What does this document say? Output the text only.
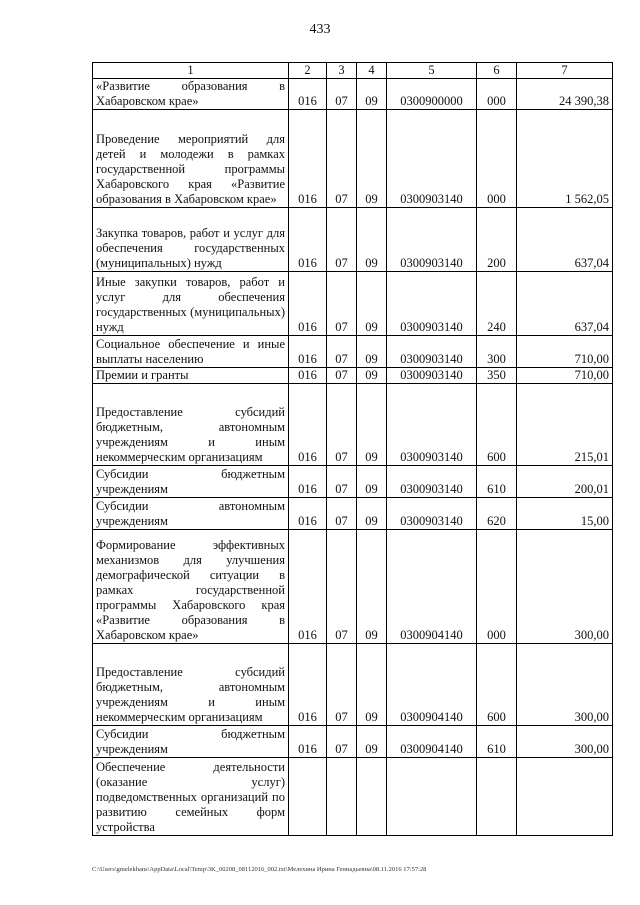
433
1	2	3	4	5	6	7
«Развитие образования в Хабаровском крае»	016	07	09	0300900000	000	24 390,38
Проведение мероприятий для детей и молодежи в рамках государственной программы Хабаровского края «Развитие образования в Хабаровском крае»	016	07	09	0300903140	000	1 562,05
Закупка товаров, работ и услуг для обеспечения государственных (муниципальных) нужд	016	07	09	0300903140	200	637,04
Иные закупки товаров, работ и услуг для обеспечения государственных (муниципальных) нужд	016	07	09	0300903140	240	637,04
Социальное обеспечение и иные выплаты населению	016	07	09	0300903140	300	710,00
Премии и гранты	016	07	09	0300903140	350	710,00
Предоставление субсидий бюджетным, автономным учреждениям и иным некоммерческим организациям	016	07	09	0300903140	600	215,01
Субсидии бюджетным учреждениям	016	07	09	0300903140	610	200,01
Субсидии автономным учреждениям	016	07	09	0300903140	620	15,00
Формирование эффективных механизмов для улучшения демографической ситуации в рамках государственной программы Хабаровского края «Развитие образования в Хабаровском крае»	016	07	09	0300904140	000	300,00
Предоставление субсидий бюджетным, автономным учреждениям и иным некоммерческим организациям	016	07	09	0300904140	600	300,00
Субсидии бюджетным учреждениям	016	07	09	0300904140	610	300,00
Обеспечение деятельности (оказание услуг) подведомственных организаций по развитию семейных форм устройства						
C:\Users\gmelekhans\AppData\Local\Temp\3K_00208_08112016_002.txt\Мелехина Ирина Геннадьевна\08.11.2016 17:57:28
